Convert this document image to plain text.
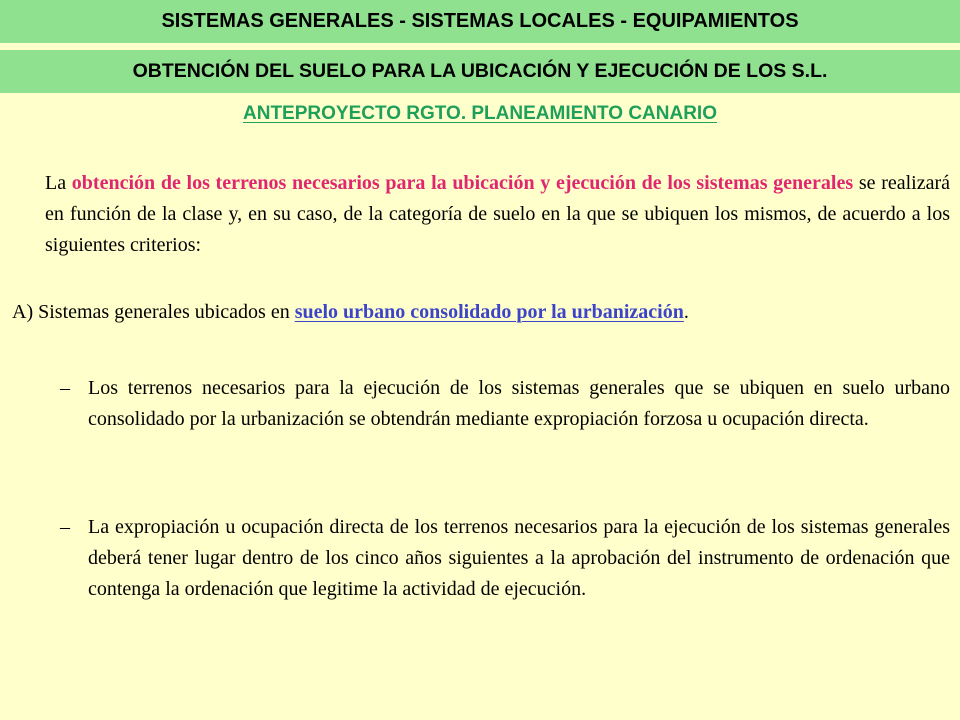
SISTEMAS GENERALES - SISTEMAS LOCALES - EQUIPAMIENTOS
OBTENCIÓN DEL SUELO PARA LA UBICACIÓN Y EJECUCIÓN DE LOS S.L.
ANTEPROYECTO RGTO. PLANEAMIENTO CANARIO

La obtención de los terrenos necesarios para la ubicación y ejecución de los sistemas generales se realizará en función de la clase y, en su caso, de la categoría de suelo en la que se ubiquen los mismos, de acuerdo a los siguientes criterios:

A) Sistemas generales ubicados en suelo urbano consolidado por la urbanización.
– Los terrenos necesarios para la ejecución de los sistemas generales que se ubiquen en suelo urbano consolidado por la urbanización se obtendrán mediante expropiación forzosa u ocupación directa.

– La expropiación u ocupación directa de los terrenos necesarios para la ejecución de los sistemas generales deberá tener lugar dentro de los cinco años siguientes a la aprobación del instrumento de ordenación que contenga la ordenación que legitime la actividad de ejecución.
